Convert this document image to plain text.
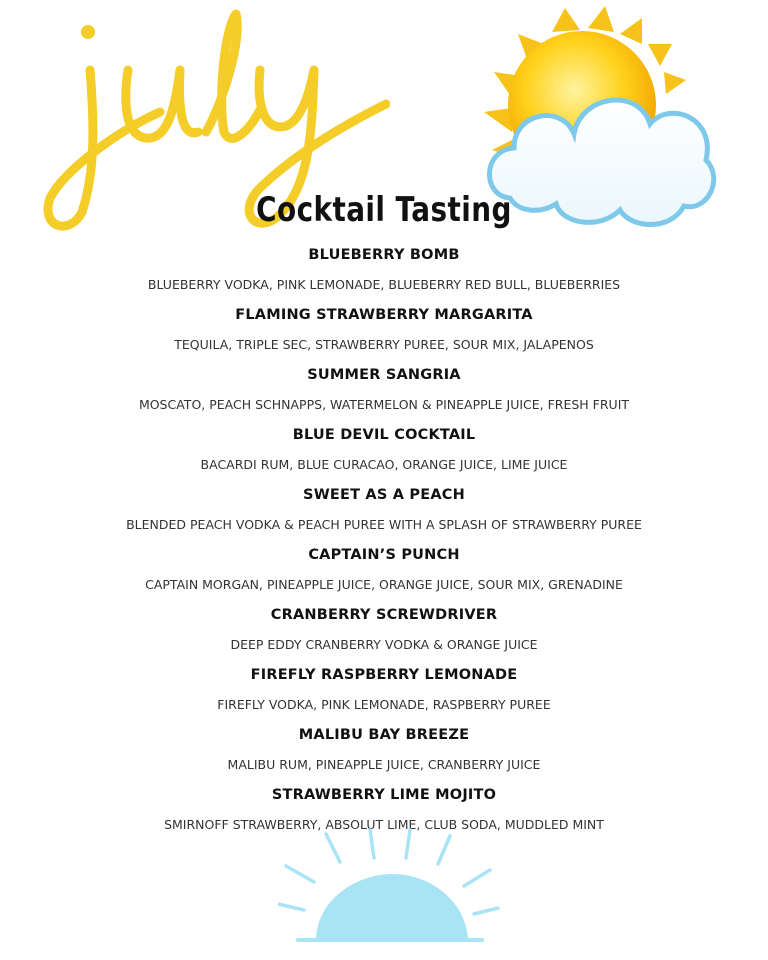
Cocktail Tasting
BLUEBERRY BOMB
BLUEBERRY VODKA, PINK LEMONADE, BLUEBERRY RED BULL, BLUEBERRIES
FLAMING STRAWBERRY MARGARITA
TEQUILA, TRIPLE SEC, STRAWBERRY PUREE, SOUR MIX, JALAPENOS
SUMMER SANGRIA
MOSCATO, PEACH SCHNAPPS, WATERMELON & PINEAPPLE JUICE, FRESH FRUIT
BLUE DEVIL COCKTAIL
BACARDI RUM, BLUE CURACAO, ORANGE JUICE, LIME JUICE
SWEET AS A PEACH
BLENDED PEACH VODKA & PEACH PUREE WITH A SPLASH OF STRAWBERRY PUREE
CAPTAIN’S PUNCH
CAPTAIN MORGAN, PINEAPPLE JUICE, ORANGE JUICE, SOUR MIX, GRENADINE
CRANBERRY SCREWDRIVER
DEEP EDDY CRANBERRY VODKA & ORANGE JUICE
FIREFLY RASPBERRY LEMONADE
FIREFLY VODKA, PINK LEMONADE, RASPBERRY PUREE
MALIBU BAY BREEZE
MALIBU RUM, PINEAPPLE JUICE, CRANBERRY JUICE
STRAWBERRY LIME MOJITO
SMIRNOFF STRAWBERRY, ABSOLUT LIME, CLUB SODA, MUDDLED MINT
